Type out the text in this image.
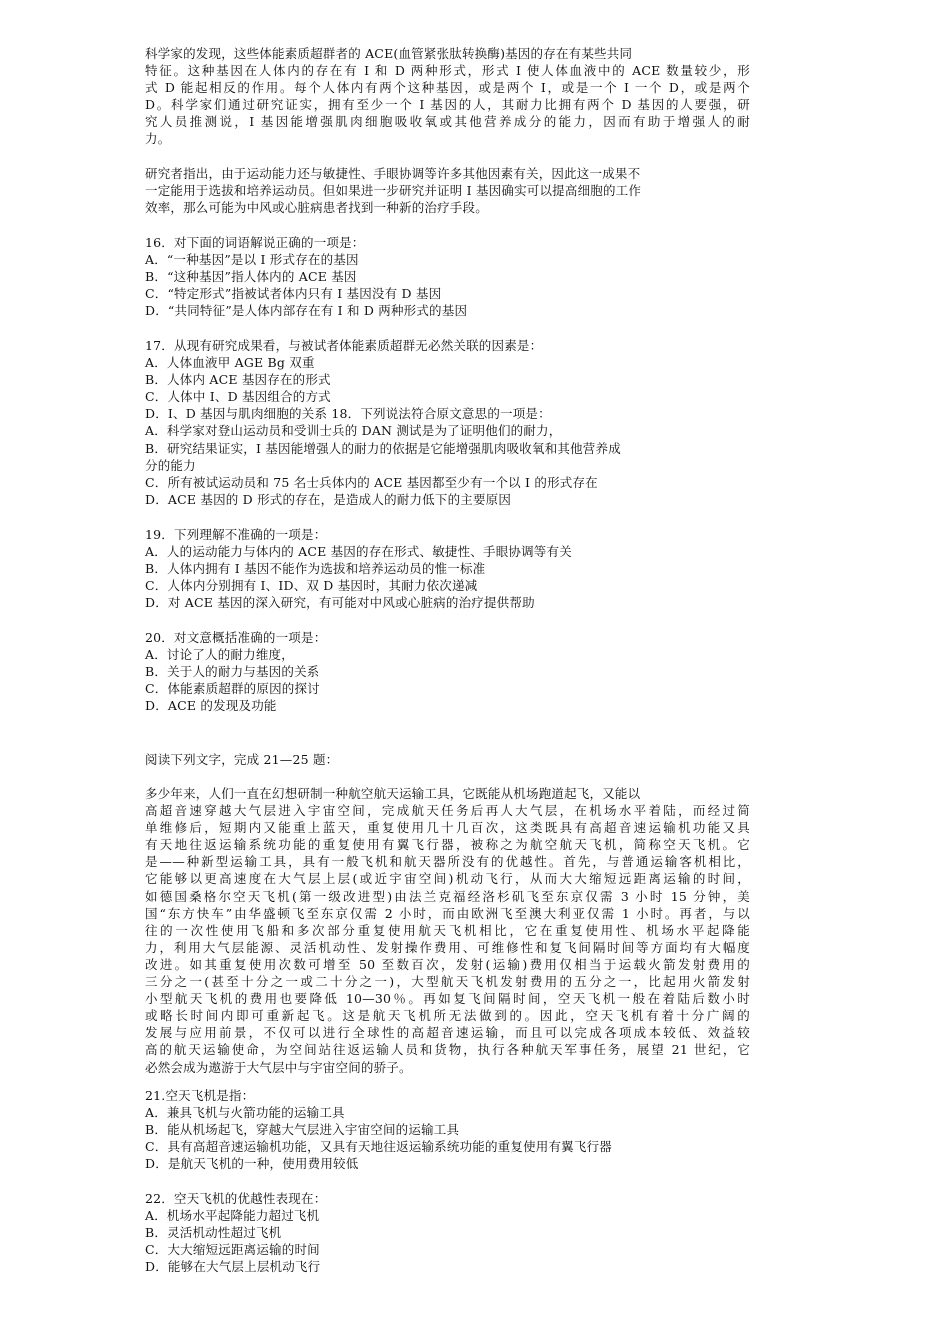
科学家的发现，这些体能素质超群者的 ACE(血管紧张肽转换酶)基因的存在有某些共同
特征。这种基因在人体内的存在有 I 和 D 两种形式，形式 I 使人体血液中的 ACE 数量较少，形
式 D 能起相反的作用。每个人体内有两个这种基因，或是两个 I，或是一个 I 一个 D，或是两个
D。科学家们通过研究证实，拥有至少一个 I 基因的人，其耐力比拥有两个 D 基因的人要强，研
究人员推测说，I 基因能增强肌肉细胞吸收氧或其他营养成分的能力，因而有助于增强人的耐
力。
研究者指出，由于运动能力还与敏捷性、手眼协调等许多其他因素有关，因此这一成果不
一定能用于选拔和培养运动员。但如果进一步研究并证明 I 基因确实可以提高细胞的工作
效率，那么可能为中风或心脏病患者找到一种新的治疗手段。
16．对下面的词语解说正确的一项是：
A．“一种基因”是以 I 形式存在的基因
B．“这种基因”指人体内的 ACE 基因
C．“特定形式”指被试者体内只有 I 基因没有 D 基因
D．“共同特征”是人体内部存在有 I 和 D 两种形式的基因
17．从现有研究成果看，与被试者体能素质超群无必然关联的因素是：
A．人体血液甲 AGE Bg 双重
B．人体内 ACE 基因存在的形式
C．人体中 I、D 基因组合的方式
D．I、D 基因与肌肉细胞的关系 18．下列说法符合原文意思的一项是：
A．科学家对登山运动员和受训士兵的 DAN 测试是为了证明他们的耐力，
B．研究结果证实，I 基因能增强人的耐力的依据是它能增强肌肉吸收氧和其他营养成
分的能力
C．所有被试运动员和 75 名士兵体内的 ACE 基因都至少有一个以 I 的形式存在
D．ACE 基因的 D 形式的存在，是造成人的耐力低下的主要原因
19．下列理解不准确的一项是：
A．人的运动能力与体内的 ACE 基因的存在形式、敏捷性、手眼协调等有关
B．人体内拥有 I 基因不能作为选拔和培养运动员的惟一标准
C．人体内分别拥有 I、ID、双 D 基因时，其耐力依次递减
D．对 ACE 基因的深入研究，有可能对中风或心脏病的治疗提供帮助
20．对文意概括准确的一项是：
A．讨论了人的耐力维度，
B．关于人的耐力与基因的关系
C．体能素质超群的原因的探讨
D．ACE 的发现及功能
阅读下列文字，完成 21—25 题：
多少年来，人们一直在幻想研制一种航空航天运输工具，它既能从机场跑道起飞，又能以
高超音速穿越大气层进入宇宙空间，完成航天任务后再人大气层，在机场水平着陆，而经过简
单维修后，短期内又能重上蓝天，重复使用几十几百次，这类既具有高超音速运输机功能又具
有天地往返运输系统功能的重复使用有翼飞行器，被称之为航空航天飞机，简称空天飞机。它
是——种新型运输工具，具有一般飞机和航天器所没有的优越性。首先，与普通运输客机相比，
它能够以更高速度在大气层上层(或近宇宙空间)机动飞行，从而大大缩短远距离运输的时间，
如德国桑格尔空天飞机(第一级改进型)由法兰克福经洛杉矶飞至东京仅需 3 小时 15 分钟，美
国“东方快车”由华盛顿飞至东京仅需 2 小时，而由欧洲飞至澳大利亚仅需 1 小时。再者，与以
往的一次性使用飞船和多次部分重复使用航天飞机相比，它在重复使用性、机场水平起降能
力，利用大气层能源、灵活机动性、发射操作费用、可维修性和复飞间隔时间等方面均有大幅度
改进。如其重复使用次数可增至 50 至数百次，发射(运输)费用仅相当于运载火箭发射费用的
三分之一(甚至十分之一或二十分之一)，大型航天飞机发射费用的五分之一，比起用火箭发射
小型航天飞机的费用也要降低 10—30％。再如复飞间隔时间，空天飞机一般在着陆后数小时
或略长时间内即可重新起飞。这是航天飞机所无法做到的。因此，空天飞机有着十分广阔的
发展与应用前景，不仅可以进行全球性的高超音速运输，而且可以完成各项成本较低、效益较
高的航天运输使命，为空间站往返运输人员和货物，执行各种航天军事任务，展望 21 世纪，它
必然会成为遨游于大气层中与宇宙空间的骄子。
21.空天飞机是指：
A．兼具飞机与火箭功能的运输工具
B．能从机场起飞，穿越大气层进入宇宙空间的运输工具
C．具有高超音速运输机功能，又具有天地往返运输系统功能的重复使用有翼飞行器
D．是航天飞机的一种，使用费用较低
22．空天飞机的优越性表现在：
A．机场水平起降能力超过飞机
B．灵活机动性超过飞机
C．大大缩短远距离运输的时间
D．能够在大气层上层机动飞行
